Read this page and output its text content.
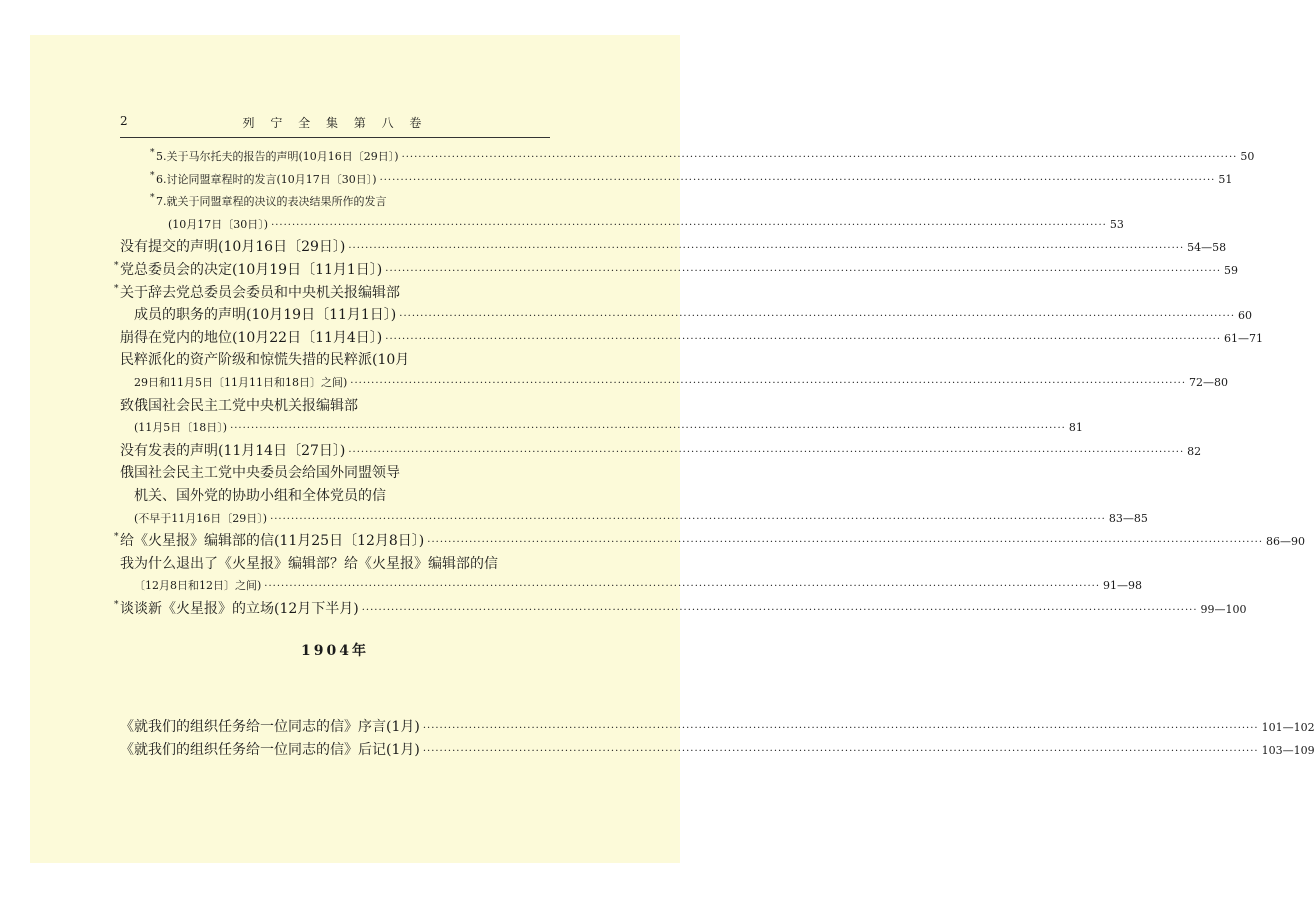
2	列 宁 全 集 第 八 卷
* 5.关于马尔托夫的报告的声明(10月16日〔29日〕) ········································································································································································································ 50
* 6.讨论同盟章程时的发言(10月17日〔30日〕) ········································································································································································································ 51
* 7.就关于同盟章程的决议的表决结果所作的发言
(10月17日〔30日〕) ········································································································································································································ 53
没有提交的声明(10月16日〔29日〕) ········································································································································································································ 54—58
* 党总委员会的决定(10月19日〔11月1日〕) ········································································································································································································ 59
* 关于辞去党总委员会委员和中央机关报编辑部
成员的职务的声明(10月19日〔11月1日〕) ········································································································································································································ 60
崩得在党内的地位(10月22日〔11月4日〕) ········································································································································································································ 61—71
民粹派化的资产阶级和惊慌失措的民粹派(10月
29日和11月5日〔11月11日和18日〕之间) ········································································································································································································ 72—80
致俄国社会民主工党中央机关报编辑部
(11月5日〔18日〕) ········································································································································································································ 81
没有发表的声明(11月14日〔27日〕) ········································································································································································································ 82
俄国社会民主工党中央委员会给国外同盟领导
机关、国外党的协助小组和全体党员的信
(不早于11月16日〔29日〕) ········································································································································································································ 83—85
* 给《火星报》编辑部的信(11月25日〔12月8日〕) ········································································································································································································ 86—90
我为什么退出了《火星报》编辑部？给《火星报》编辑部的信
〔12月8日和12日〕之间) ········································································································································································································ 91—98
* 谈谈新《火星报》的立场(12月下半月) ········································································································································································································ 99—100
1904年
《就我们的组织任务给一位同志的信》序言(1月) ········································································································································································································ 101—102
《就我们的组织任务给一位同志的信》后记(1月) ········································································································································································································ 103—109
